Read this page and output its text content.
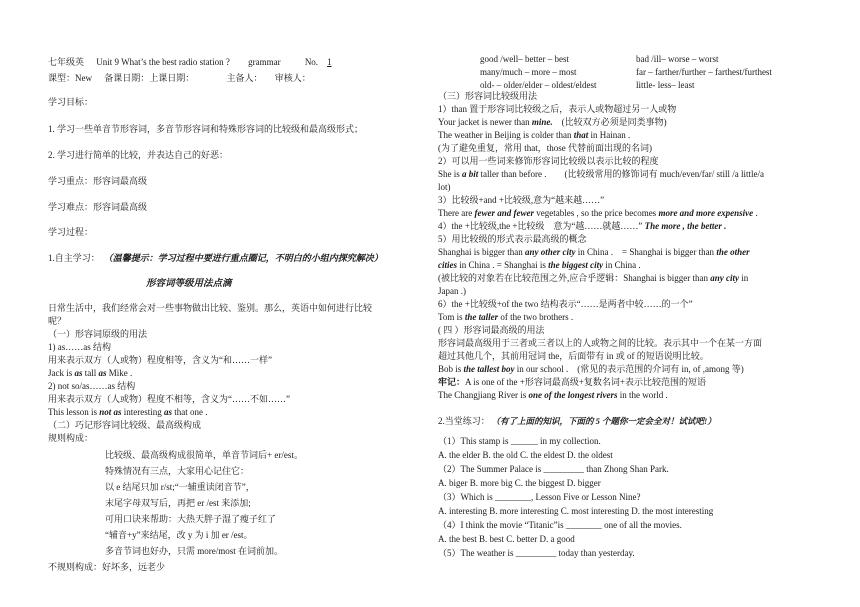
七年级英 Unit 9 What’s the best radio station ? grammar	No. 1
课型：New 备课日期：上课日期：	主备人： 审核人：
学习目标：
1. 学习一些单音节形容词，多音节形容词和特殊形容词的比较级和最高级形式；
2. 学习进行简单的比较，并表达自己的好恶：
学习重点：形容词最高级
学习难点：形容词最高级
学习过程：
1.自主学习： （温馨提示：学习过程中要进行重点圈记，不明白的小组内探究解决）
形容词等级用法点滴
日常生活中，我们经常会对一些事物做出比较、鉴别。那么，英语中如何进行比较
呢？
（一）形容词原级的用法
1) as……as 结构
用来表示双方（人或物）程度相等，含义为“和……一样”
Jack is as tall as Mike .
2) not so/as……as 结构
用来表示双方（人或物）程度不相等，含义为“……不如……”
This lesson is not as interesting as that one .
（二）巧记形容词比较级、最高级构成
规则构成：
比较级、最高级构成很简单，单音节词后+ er/est。
特殊情况有三点，大家用心记住它：
以 e 结尾只加 r/st;“一辅重读闭音节”，
末尾字母双写后，再把 er /est 来添加;
可用口诀来帮助：大热天胖子湿了瘦子红了
“辅音+y”来结尾，改 y 为 i 加 er /est。
多音节词也好办，只需 more/most 在词前加。
不规则构成：好坏多，远老少
good /well– better – best	bad /ill– worse – worst
many/much – more – most	far – farther/further – farthest/furthest
old- – older/elder – oldest/eldest	little- less– least
（三）形容词比较级用法
1）than 置于形容词比较级之后，表示人或物超过另一人或物
Your jacket is newer than mine.　(比较双方必须是同类事物)
The weather in Beijing is colder than that in Hainan .
(为了避免重复，常用 that，those 代替前面出现的名词)
2）可以用一些词来修饰形容词比较级以表示比较的程度
She is a bit taller than before .　　(比较级常用的修饰词有 much/even/far/ still /a little/a
lot)
3）比较级+and +比较级,意为“越来越……”
There are fewer and fewer vegetables , so the price becomes more and more expensive .
4）the +比较级,the +比较级　意为“越……就越……” The more , the better .
5）用比较级的形式表示最高级的概念
Shanghai is bigger than any other city in China .　= Shanghai is bigger than the other
cities in China . = Shanghai is the biggest city in China .
(被比较的对象若在比较范围之外,应合乎逻辑：Shanghai is bigger than any city in
Japan .)
6）the +比较级+of the two 结构表示“……是两者中较……的一个”
Tom is the taller of the two brothers .
( 四 ）形容词最高级的用法
形容词最高级用于三者或三者以上的人或物之间的比较。表示其中一个在某一方面
超过其他几个，其前用冠词 the，后面带有 in 或 of 的短语说明比较。
Bob is the tallest boy in our school .　(常见的表示范围的介词有 in, of ,among 等)
牢记：A is one of the +形容词最高级+复数名词+表示比较范围的短语
The Changjiang River is one of the longest rivers in the world .
2.当堂练习： （有了上面的知识，下面的 5 个题你一定会全对！试试吧!）
（1）This stamp is ______ in my collection.
A. the elder B. the old C. the eldest D. the oldest
（2）The Summer Palace is _________ than Zhong Shan Park.
A. biger B. more big C. the biggest D. bigger
（3）Which is ________, Lesson Five or Lesson Nine?
A. interesting B. more interesting C. most interesting D. the most interesting
（4）I think the movie “Titanic”is ________ one of all the movies.
A. the best B. best C. better D. a good
（5）The weather is _________ today than yesterday.
